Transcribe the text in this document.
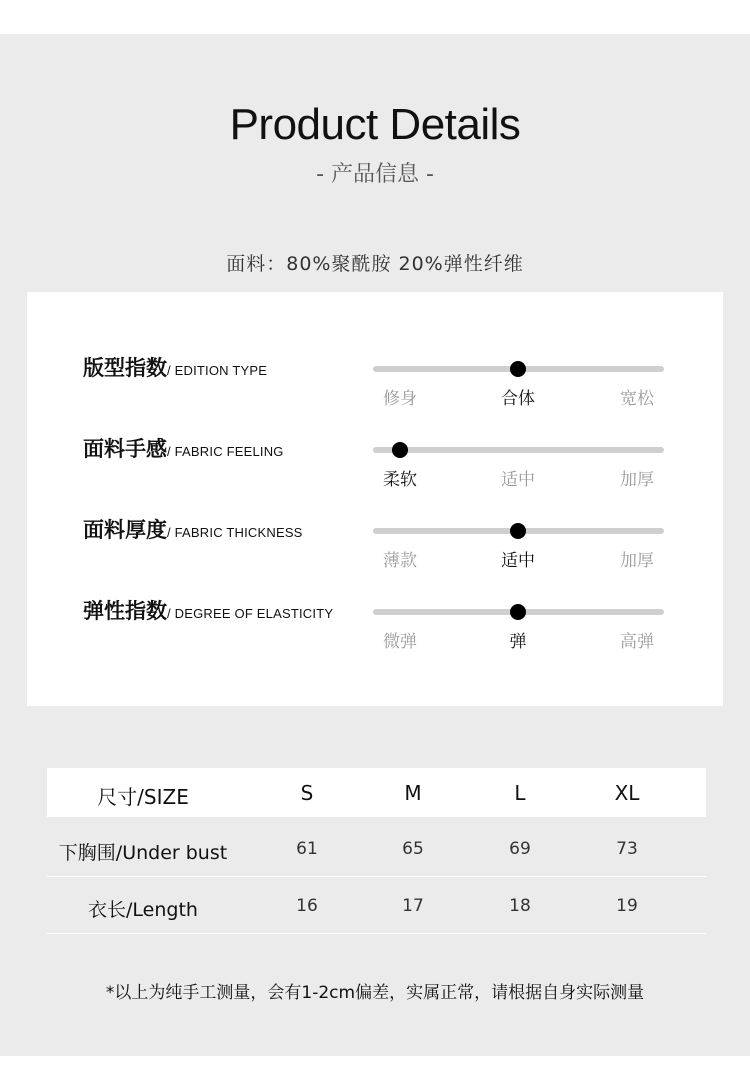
Product Details
- 产品信息 -
面料：80%聚酰胺 20%弹性纤维
版型指数/ EDITION TYPE
修身	合体	宽松
面料手感/ FABRIC FEELING
柔软	适中	加厚
面料厚度/ FABRIC THICKNESS
薄款	适中	加厚
弹性指数/ DEGREE OF ELASTICITY
微弹	弹	高弹
尺寸/SIZE	S	M	L	XL
下胸围/Under bust	61	65	69	73
衣长/Length	16	17	18	19
*以上为纯手工测量，会有1-2cm偏差，实属正常，请根据自身实际测量
